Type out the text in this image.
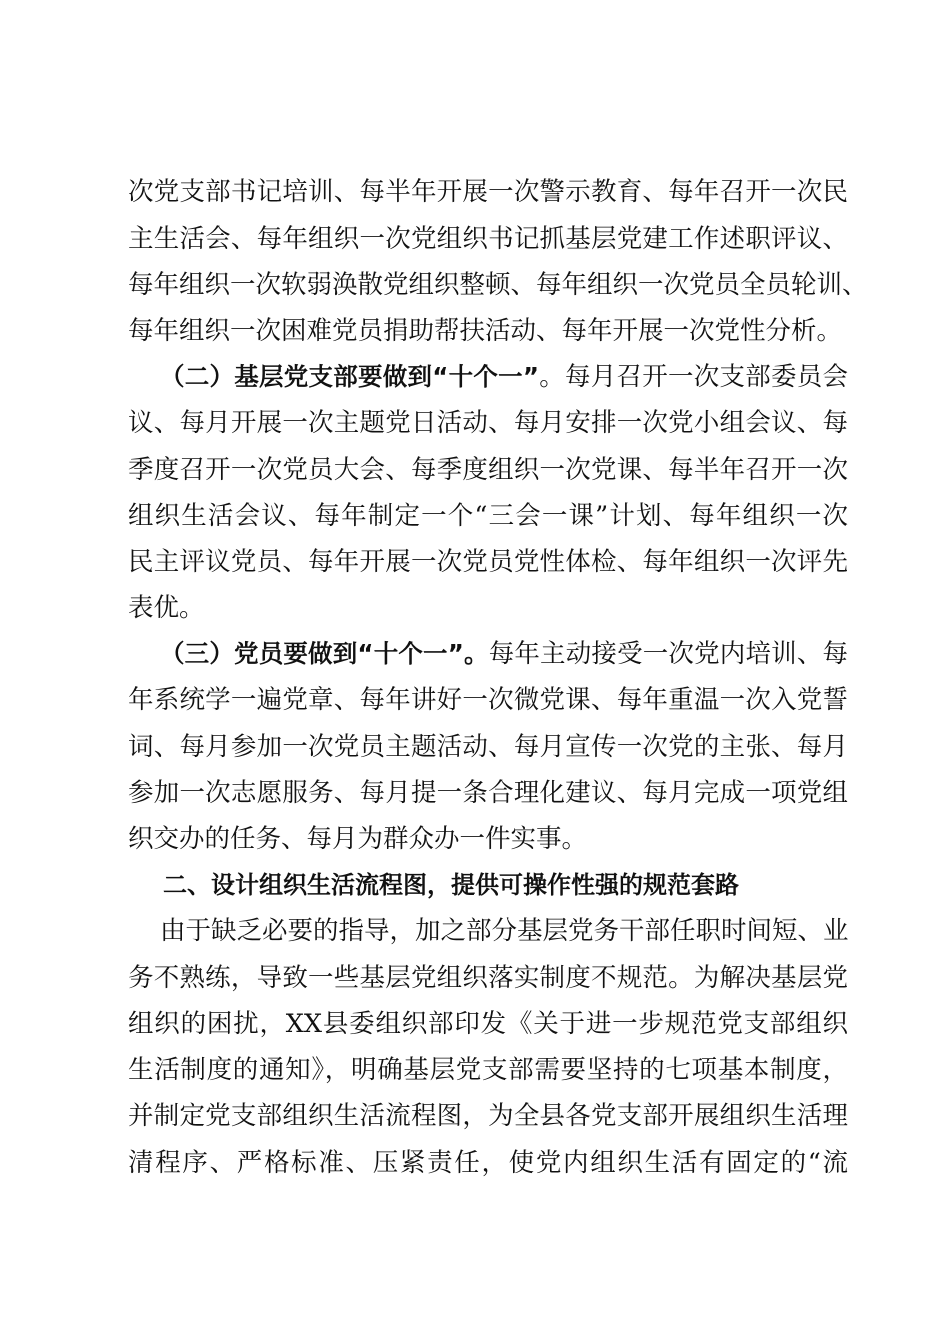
次党支部书记培训、每半年开展一次警示教育、每年召开一次民
主生活会、每年组织一次党组织书记抓基层党建工作述职评议、
每年组织一次软弱涣散党组织整顿、每年组织一次党员全员轮训、
每年组织一次困难党员捐助帮扶活动、每年开展一次党性分析。
（二）基层党支部要做到“十个一”。每月召开一次支部委员会
议、每月开展一次主题党日活动、每月安排一次党小组会议、每
季度召开一次党员大会、每季度组织一次党课、每半年召开一次
组织生活会议、每年制定一个“三会一课”计划、每年组织一次
民主评议党员、每年开展一次党员党性体检、每年组织一次评先
表优。
（三）党员要做到“十个一”。每年主动接受一次党内培训、每
年系统学一遍党章、每年讲好一次微党课、每年重温一次入党誓
词、每月参加一次党员主题活动、每月宣传一次党的主张、每月
参加一次志愿服务、每月提一条合理化建议、每月完成一项党组
织交办的任务、每月为群众办一件实事。
二、设计组织生活流程图，提供可操作性强的规范套路
由于缺乏必要的指导，加之部分基层党务干部任职时间短、业
务不熟练，导致一些基层党组织落实制度不规范。为解决基层党
组织的困扰，XX县委组织部印发《关于进一步规范党支部组织
生活制度的通知》，明确基层党支部需要坚持的七项基本制度，
并制定党支部组织生活流程图，为全县各党支部开展组织生活理
清程序、严格标准、压紧责任，使党内组织生活有固定的“流
